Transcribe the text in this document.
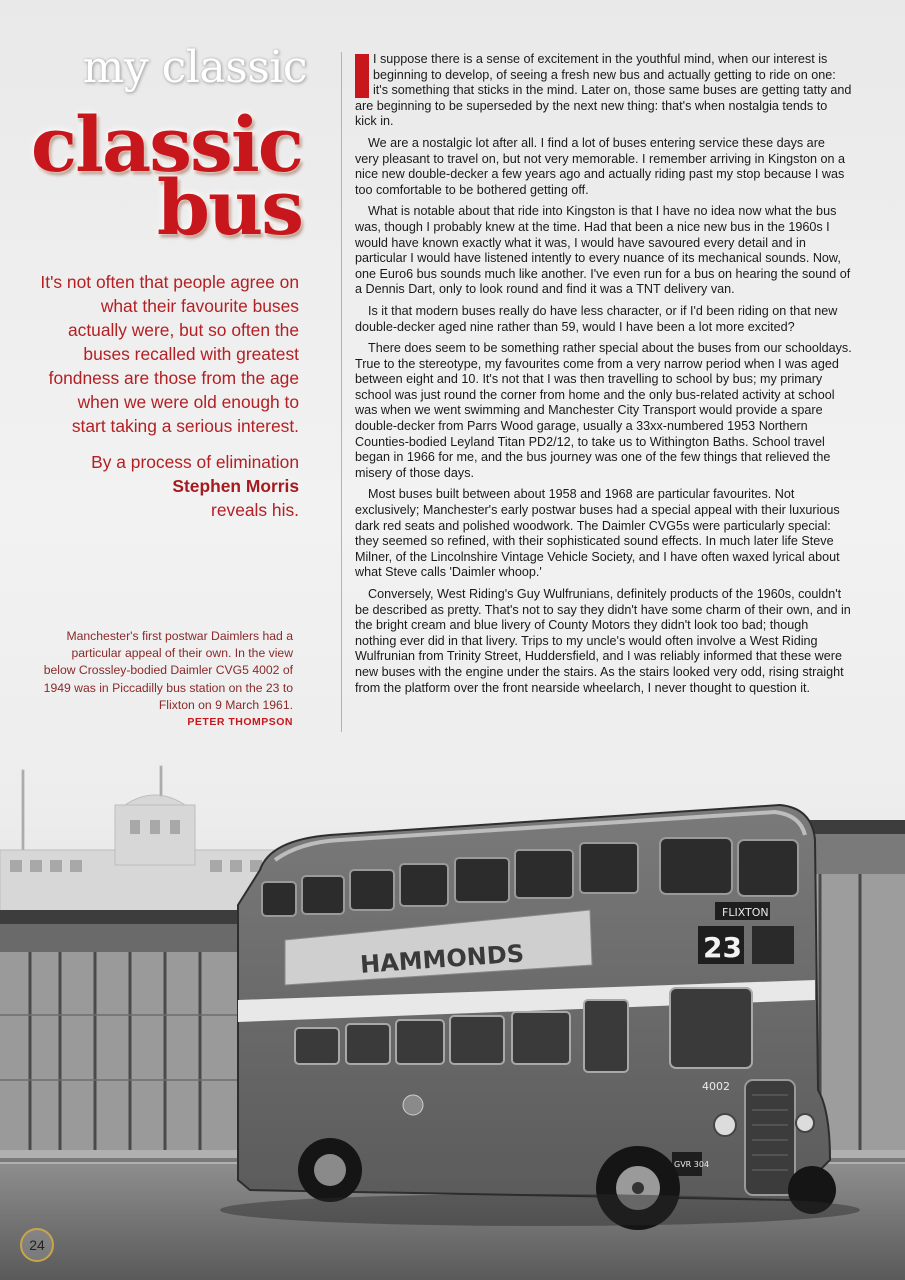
my classic
classic
bus

It's not often that people agree on what their favourite buses actually were, but so often the buses recalled with greatest fondness are those from the age when we were old enough to start taking a serious interest.

By a process of elimination
Stephen Morris
reveals his.

Manchester's first postwar Daimlers had a particular appeal of their own. In the view below Crossley-bodied Daimler CVG5 4002 of 1949 was in Piccadilly bus station on the 23 to Flixton on 9 March 1961.
PETER THOMPSON

I suppose there is a sense of excitement in the youthful mind, when our interest is beginning to develop, of seeing a fresh new bus and actually getting to ride on one: it's something that sticks in the mind. Later on, those same buses are getting tatty and are beginning to be superseded by the next new thing: that's when nostalgia tends to kick in.

We are a nostalgic lot after all. I find a lot of buses entering service these days are very pleasant to travel on, but not very memorable. I remember arriving in Kingston on a nice new double-decker a few years ago and actually riding past my stop because I was too comfortable to be bothered getting off.

What is notable about that ride into Kingston is that I have no idea now what the bus was, though I probably knew at the time. Had that been a nice new bus in the 1960s I would have known exactly what it was, I would have savoured every detail and in particular I would have listened intently to every nuance of its mechanical sounds. Now, one Euro6 bus sounds much like another. I've even run for a bus on hearing the sound of a Dennis Dart, only to look round and find it was a TNT delivery van.

Is it that modern buses really do have less character, or if I'd been riding on that new double-decker aged nine rather than 59, would I have been a lot more excited?

There does seem to be something rather special about the buses from our schooldays. True to the stereotype, my favourites come from a very narrow period when I was aged between eight and 10. It's not that I was then travelling to school by bus; my primary school was just round the corner from home and the only bus-related activity at school was when we went swimming and Manchester City Transport would provide a spare double-decker from Parrs Wood garage, usually a 33xx-numbered 1953 Northern Counties-bodied Leyland Titan PD2/12, to take us to Withington Baths. School travel began in 1966 for me, and the bus journey was one of the few things that relieved the misery of those days.

Most buses built between about 1958 and 1968 are particular favourites. Not exclusively; Manchester's early postwar buses had a special appeal with their luxurious dark red seats and polished woodwork. The Daimler CVG5s were particularly special: they seemed so refined, with their sophisticated sound effects. In much later life Steve Milner, of the Lincolnshire Vintage Vehicle Society, and I have often waxed lyrical about what Steve calls 'Daimler whoop.'

Conversely, West Riding's Guy Wulfrunians, definitely products of the 1960s, couldn't be described as pretty. That's not to say they didn't have some charm of their own, and in the bright cream and blue livery of County Motors they didn't look too bad; though nothing ever did in that livery. Trips to my uncle's would often involve a West Riding Wulfrunian from Trinity Street, Huddersfield, and I was reliably informed that these were new buses with the engine under the stairs. As the stairs looked very odd, rising straight from the platform over the front nearside wheelarch, I never thought to question it.

HAMMONDS
FLIXTON
23
4002
GVR 304
24
